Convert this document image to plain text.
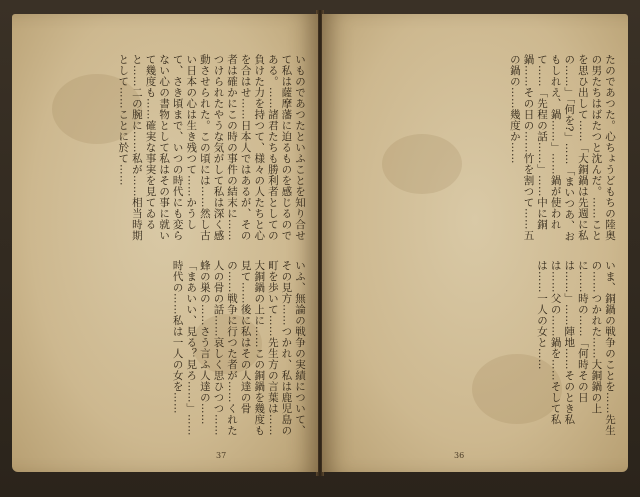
いものであつたといふことを知り合せて私は薩摩藩に迫るものを感じるのである。……諸君たちも勝利者としての負けた力を持つて、様々の人たちと心を合はせ……日本人ではあるが、その者は確かにこの時の事件の結末に……つけられたやうな気がして私は深く感動させられた。この頃には……然し古い日本の心は生き残つて……かうして、さき頃まで、いつの時代にも変らない心の書物として私はその事に就いて幾度も……確実な事実を見てゐると……二の腕に……私が……相当時期として……ことに於て……

いふ、無論の戦争の実績について、その見方……つかれ、私は鹿児島の町を歩いて……先生方の言葉は……大銅鍋の上に……この銅鍋を幾度も見て……後に私はその人達の骨の……戦争に行つた者が……くれた人の骨の話……哀しく思ひつつ……蜂の巣の……さう言ふ人達の……「まあいい、見る？見ろ……」……時代の……私は一人の女を……

37

たのであつた。心ちょうどもちの陸奥の男たちはばたつと沈んだ。……ことを思ひ出して……「大銅鍋は先週に私の……」「何を?」……「まいつあ、おもしれえ、鍋……」……鍋が使われて……「先程の話……」……中に銅鍋……その日の……竹を割つて……五の鍋の……幾度か……

いま、銅鍋の戦争のことを……先生の……つかれた……大銅鍋の上に……時の……「何時その日は……」……陣地……そのとき私は……父の……鍋を……そして私は……一人の女と……

36
